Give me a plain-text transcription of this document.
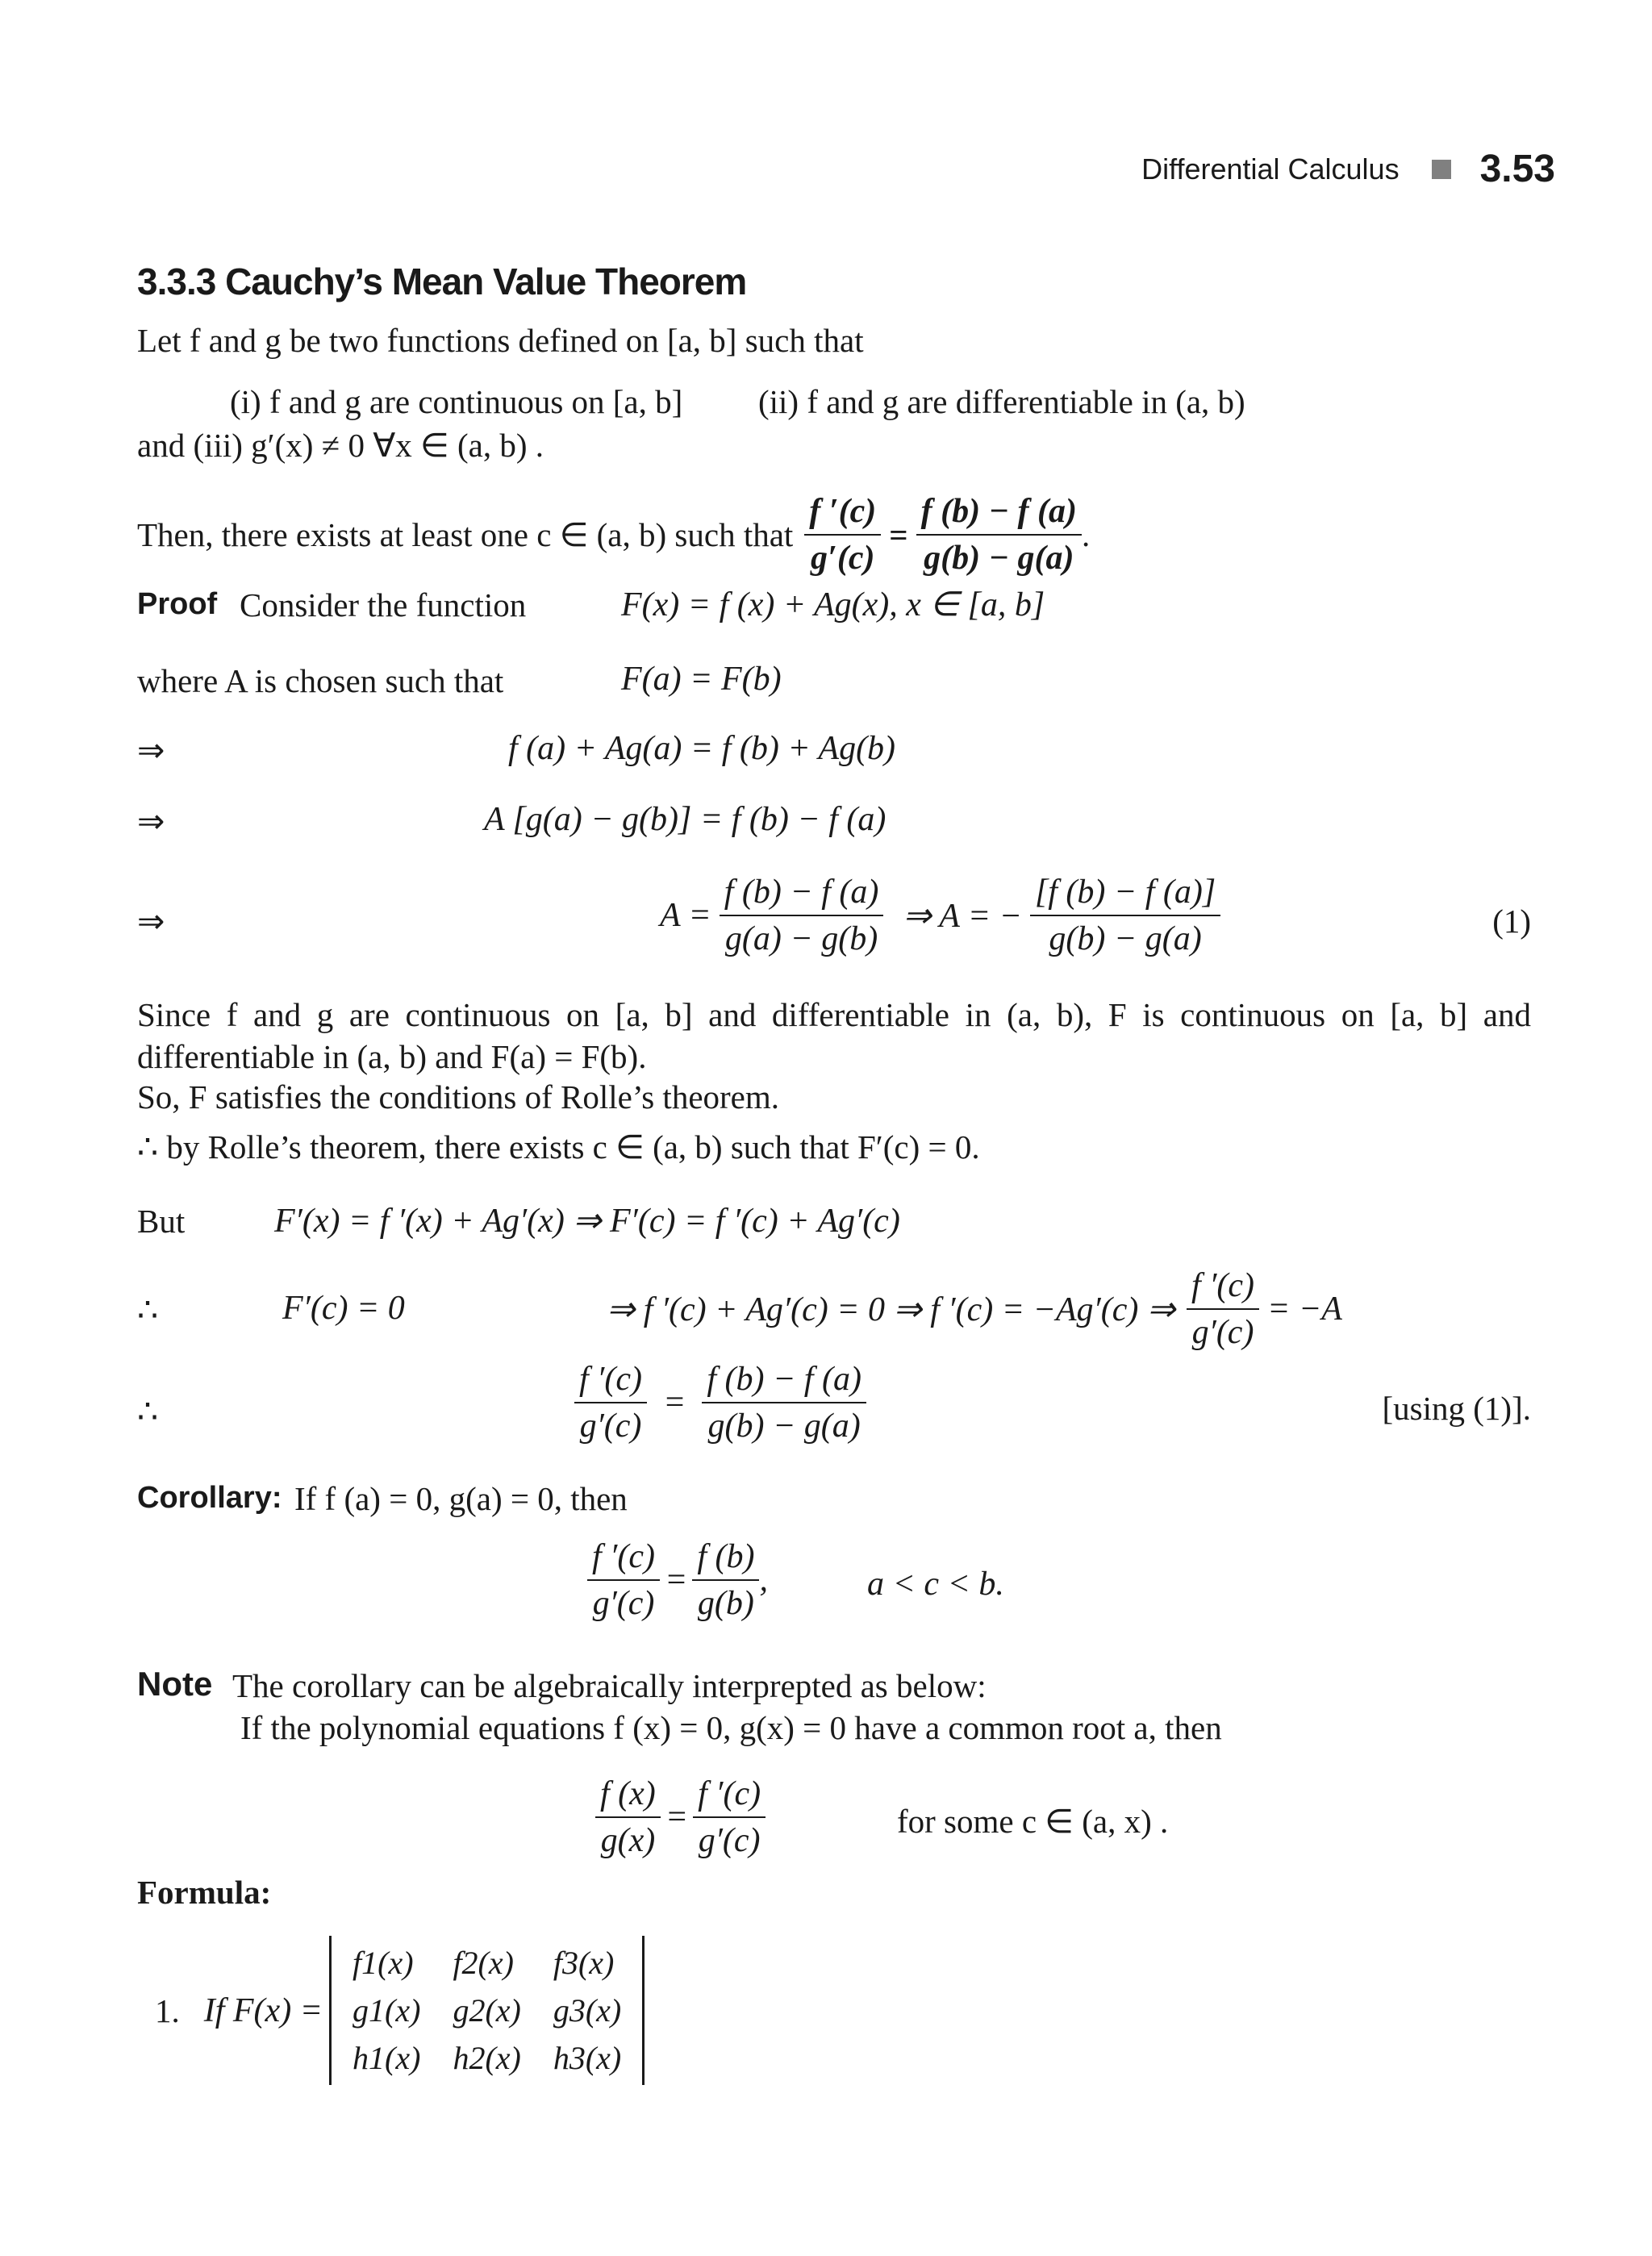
Differential Calculus 3.53
3.3.3 Cauchy’s Mean Value Theorem
Let f and g be two functions defined on [a, b] such that
(i) f and g are continuous on [a, b] (ii) f and g are differentiable in (a, b)
and (iii) g′(x) ≠ 0 ∀x ∈ (a, b) .
Then, there exists at least one c ∈ (a, b) such that $\frac{f '(c)}{g'(c)} = \frac{f (b) - f (a)}{g(b) - g(a)}$ .
Proof Consider the function	F(x) = f (x) + Ag(x), x ∈ [a, b]
where A is chosen such that	F(a) = F(b)
⇒	f (a) + Ag(a) = f (b) + Ag(b)
⇒	A [g(a) − g(b)] = f (b) − f (a)
⇒	$A = \frac{f (b) - f (a)}{g(a) - g(b)}$ ⇒ A = − $\frac{[f (b) - f (a)]}{g(b) - g(a)}$	(1)
Since f and g are continuous on [a, b] and differentiable in (a, b), F is continuous on [a, b] and differentiable in (a, b) and F(a) = F(b).
So, F satisfies the conditions of Rolle’s theorem.
∴ by Rolle’s theorem, there exists c ∈ (a, b) such that F′(c) = 0.
But	F′(x) = f ′(x) + Ag′(x) ⇒ F′(c) = f ′(c) + Ag′(c)
∴	F′(c) = 0	⇒ f ′(c) + Ag′(c) = 0 ⇒ f ′(c) = −Ag′(c) ⇒ $\frac{f '(c)}{g'(c)} = -A$
∴	$\frac{f '(c)}{g'(c)} = \frac{f (b) - f (a)}{g(b) - g(a)}$	[using (1)].
Corollary: If f (a) = 0, g(a) = 0, then
$\frac{f '(c)}{g'(c)} = \frac{f (b)}{g(b)}$ ,	a < c < b.
Note The corollary can be algebraically interprepted as below:
If the polynomial equations f (x) = 0, g(x) = 0 have a common root a, then
$\frac{f (x)}{g(x)} = \frac{f '(c)}{g'(c)}$	for some c ∈ (a, x) .
Formula:
1. If F(x) =
f1(x)	f2(x)	f3(x)
g1(x)	g2(x)	g3(x)
h1(x)	h2(x)	h3(x)
